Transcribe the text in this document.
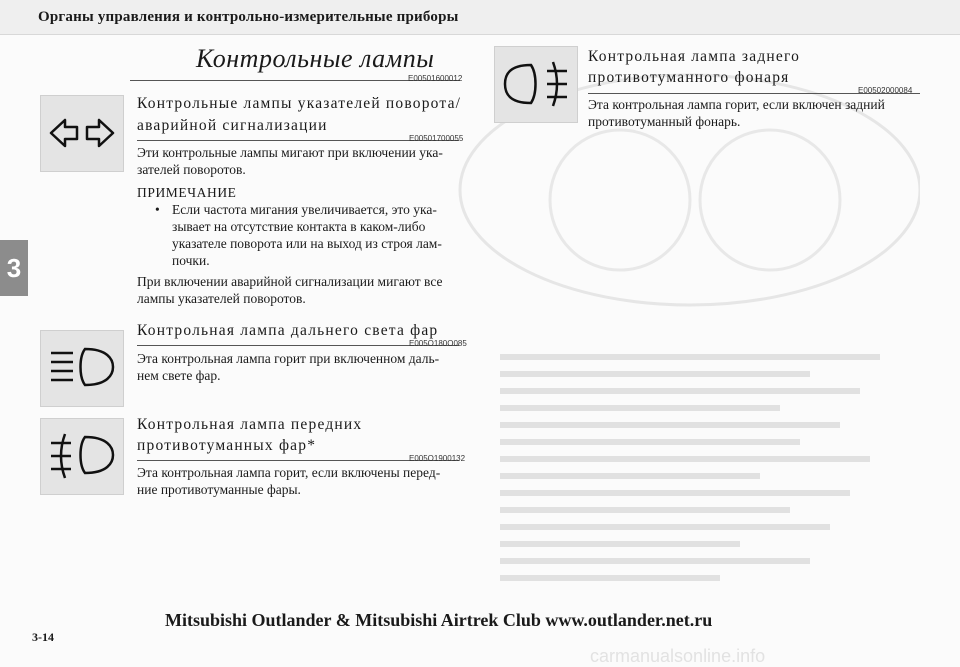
Органы управления и контрольно-измерительные приборы
3
Контрольные лампы
E00501600012
Контрольные лампы указателей поворота/
аварийной сигнализации
E00501700055
Эти контрольные лампы мигают при включении ука-
зателей поворотов.
ПРИМЕЧАНИЕ
• Если частота мигания увеличивается, это ука-
зывает на отсутствие контакта в каком-либо
указателе поворота или на выход из строя лам-
почки.
При включении аварийной сигнализации мигают все
лампы указателей поворотов.
Контрольная лампа дальнего света фар
E005O180O085
Эта контрольная лампа горит при включенном даль-
нем свете фар.
Контрольная лампа передних
противотуманных фар*
E005O1900132
Эта контрольная лампа горит, если включены перед-
ние противотуманные фары.
Контрольная лампа заднего
противотуманного фонаря
E00502000084
Эта контрольная лампа горит, если включен задний
противотуманный фонарь.
Mitsubishi Outlander & Mitsubishi Airtrek Club www.outlander.net.ru
3-14
carmanualsonline.info
